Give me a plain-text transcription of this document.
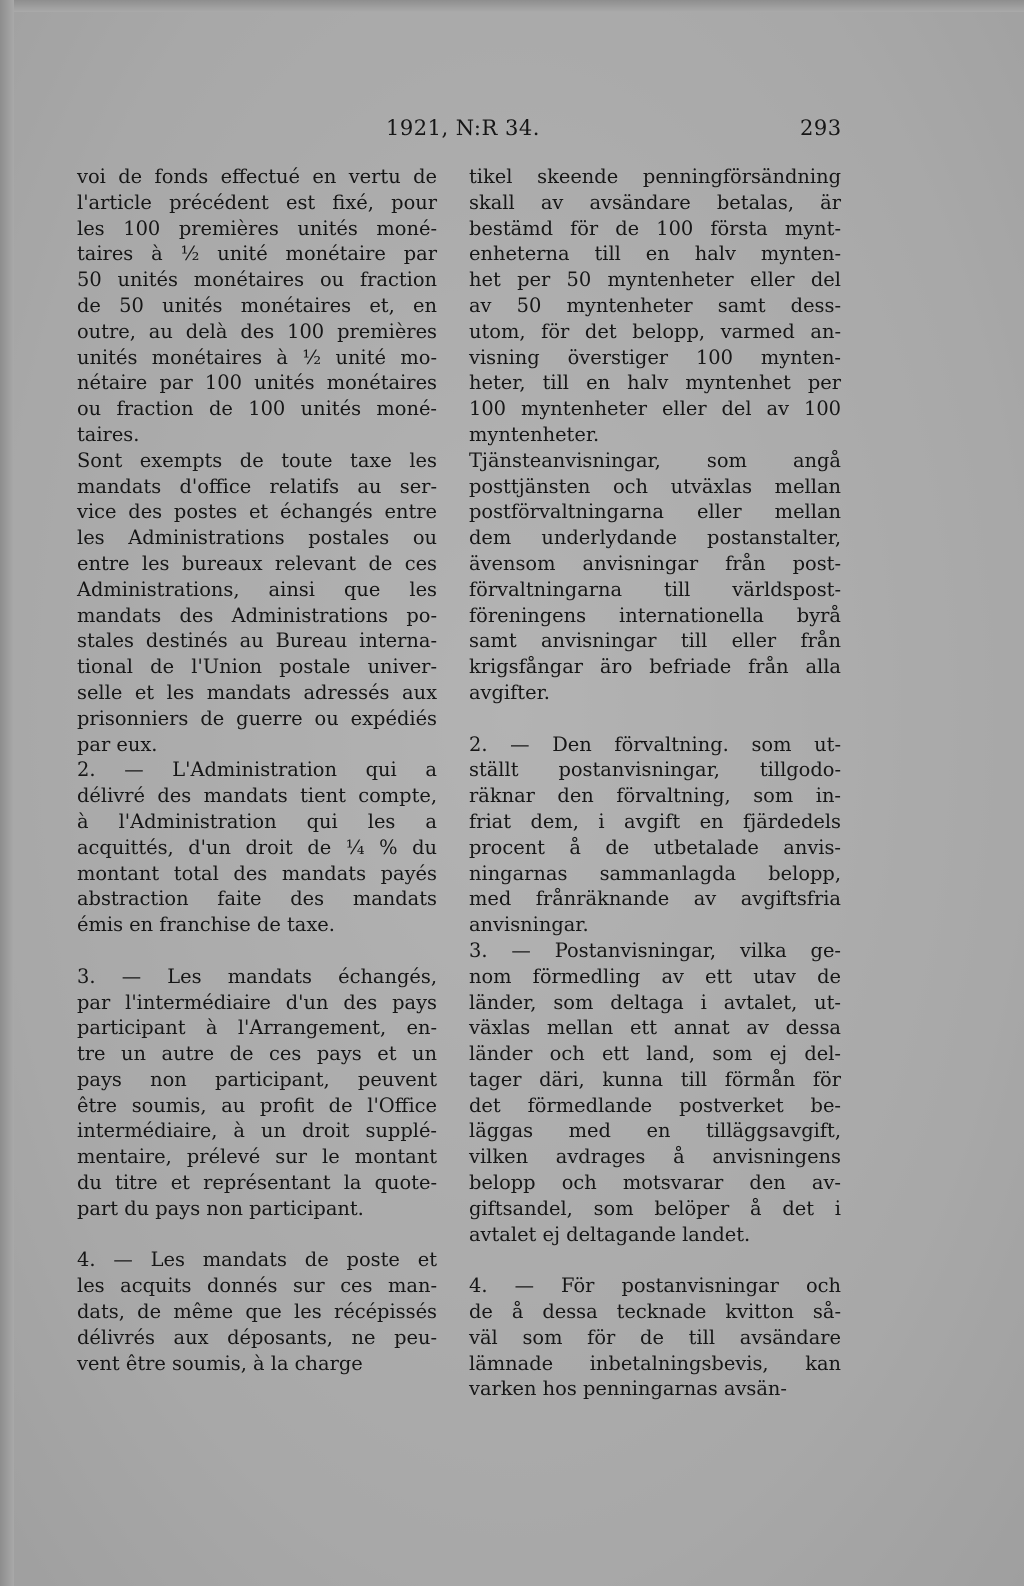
1921, N:R 34.	293
voi de fonds effectué en vertu de
l'article précédent est fixé, pour
les 100 premières unités moné-
taires à ½ unité monétaire par
50 unités monétaires ou fraction
de 50 unités monétaires et, en
outre, au delà des 100 premières
unités monétaires à ½ unité mo-
nétaire par 100 unités monétaires
ou fraction de 100 unités moné-
taires.
Sont exempts de toute taxe les
mandats d'office relatifs au ser-
vice des postes et échangés entre
les Administrations postales ou
entre les bureaux relevant de ces
Administrations, ainsi que les
mandats des Administrations po-
stales destinés au Bureau interna-
tional de l'Union postale univer-
selle et les mandats adressés aux
prisonniers de guerre ou expédiés
par eux.
2. — L'Administration qui a
délivré des mandats tient compte,
à l'Administration qui les a
acquittés, d'un droit de ¼ % du
montant total des mandats payés
abstraction faite des mandats
émis en franchise de taxe.
3. — Les mandats échangés,
par l'intermédiaire d'un des pays
participant à l'Arrangement, en-
tre un autre de ces pays et un
pays non participant, peuvent
être soumis, au profit de l'Office
intermédiaire, à un droit supplé-
mentaire, prélevé sur le montant
du titre et représentant la quote-
part du pays non participant.
4. — Les mandats de poste et
les acquits donnés sur ces man-
dats, de même que les récépissés
délivrés aux déposants, ne peu-
vent être soumis, à la charge
tikel skeende penningförsändning
skall av avsändare betalas, är
bestämd för de 100 första mynt-
enheterna till en halv mynten-
het per 50 myntenheter eller del
av 50 myntenheter samt dess-
utom, för det belopp, varmed an-
visning överstiger 100 mynten-
heter, till en halv myntenhet per
100 myntenheter eller del av 100
myntenheter.
Tjänsteanvisningar, som angå
posttjänsten och utväxlas mellan
postförvaltningarna eller mellan
dem underlydande postanstalter,
ävensom anvisningar från post-
förvaltningarna till världspost-
föreningens internationella byrå
samt anvisningar till eller från
krigsfångar äro befriade från alla
avgifter.
2. — Den förvaltning. som ut-
ställt postanvisningar, tillgodo-
räknar den förvaltning, som in-
friat dem, i avgift en fjärdedels
procent å de utbetalade anvis-
ningarnas sammanlagda belopp,
med frånräknande av avgiftsfria
anvisningar.
3. — Postanvisningar, vilka ge-
nom förmedling av ett utav de
länder, som deltaga i avtalet, ut-
växlas mellan ett annat av dessa
länder och ett land, som ej del-
tager däri, kunna till förmån för
det förmedlande postverket be-
läggas med en tilläggsavgift,
vilken avdrages å anvisningens
belopp och motsvarar den av-
giftsandel, som belöper å det i
avtalet ej deltagande landet.
4. — För postanvisningar och
de å dessa tecknade kvitton så-
väl som för de till avsändare
lämnade inbetalningsbevis, kan
varken hos penningarnas avsän-
